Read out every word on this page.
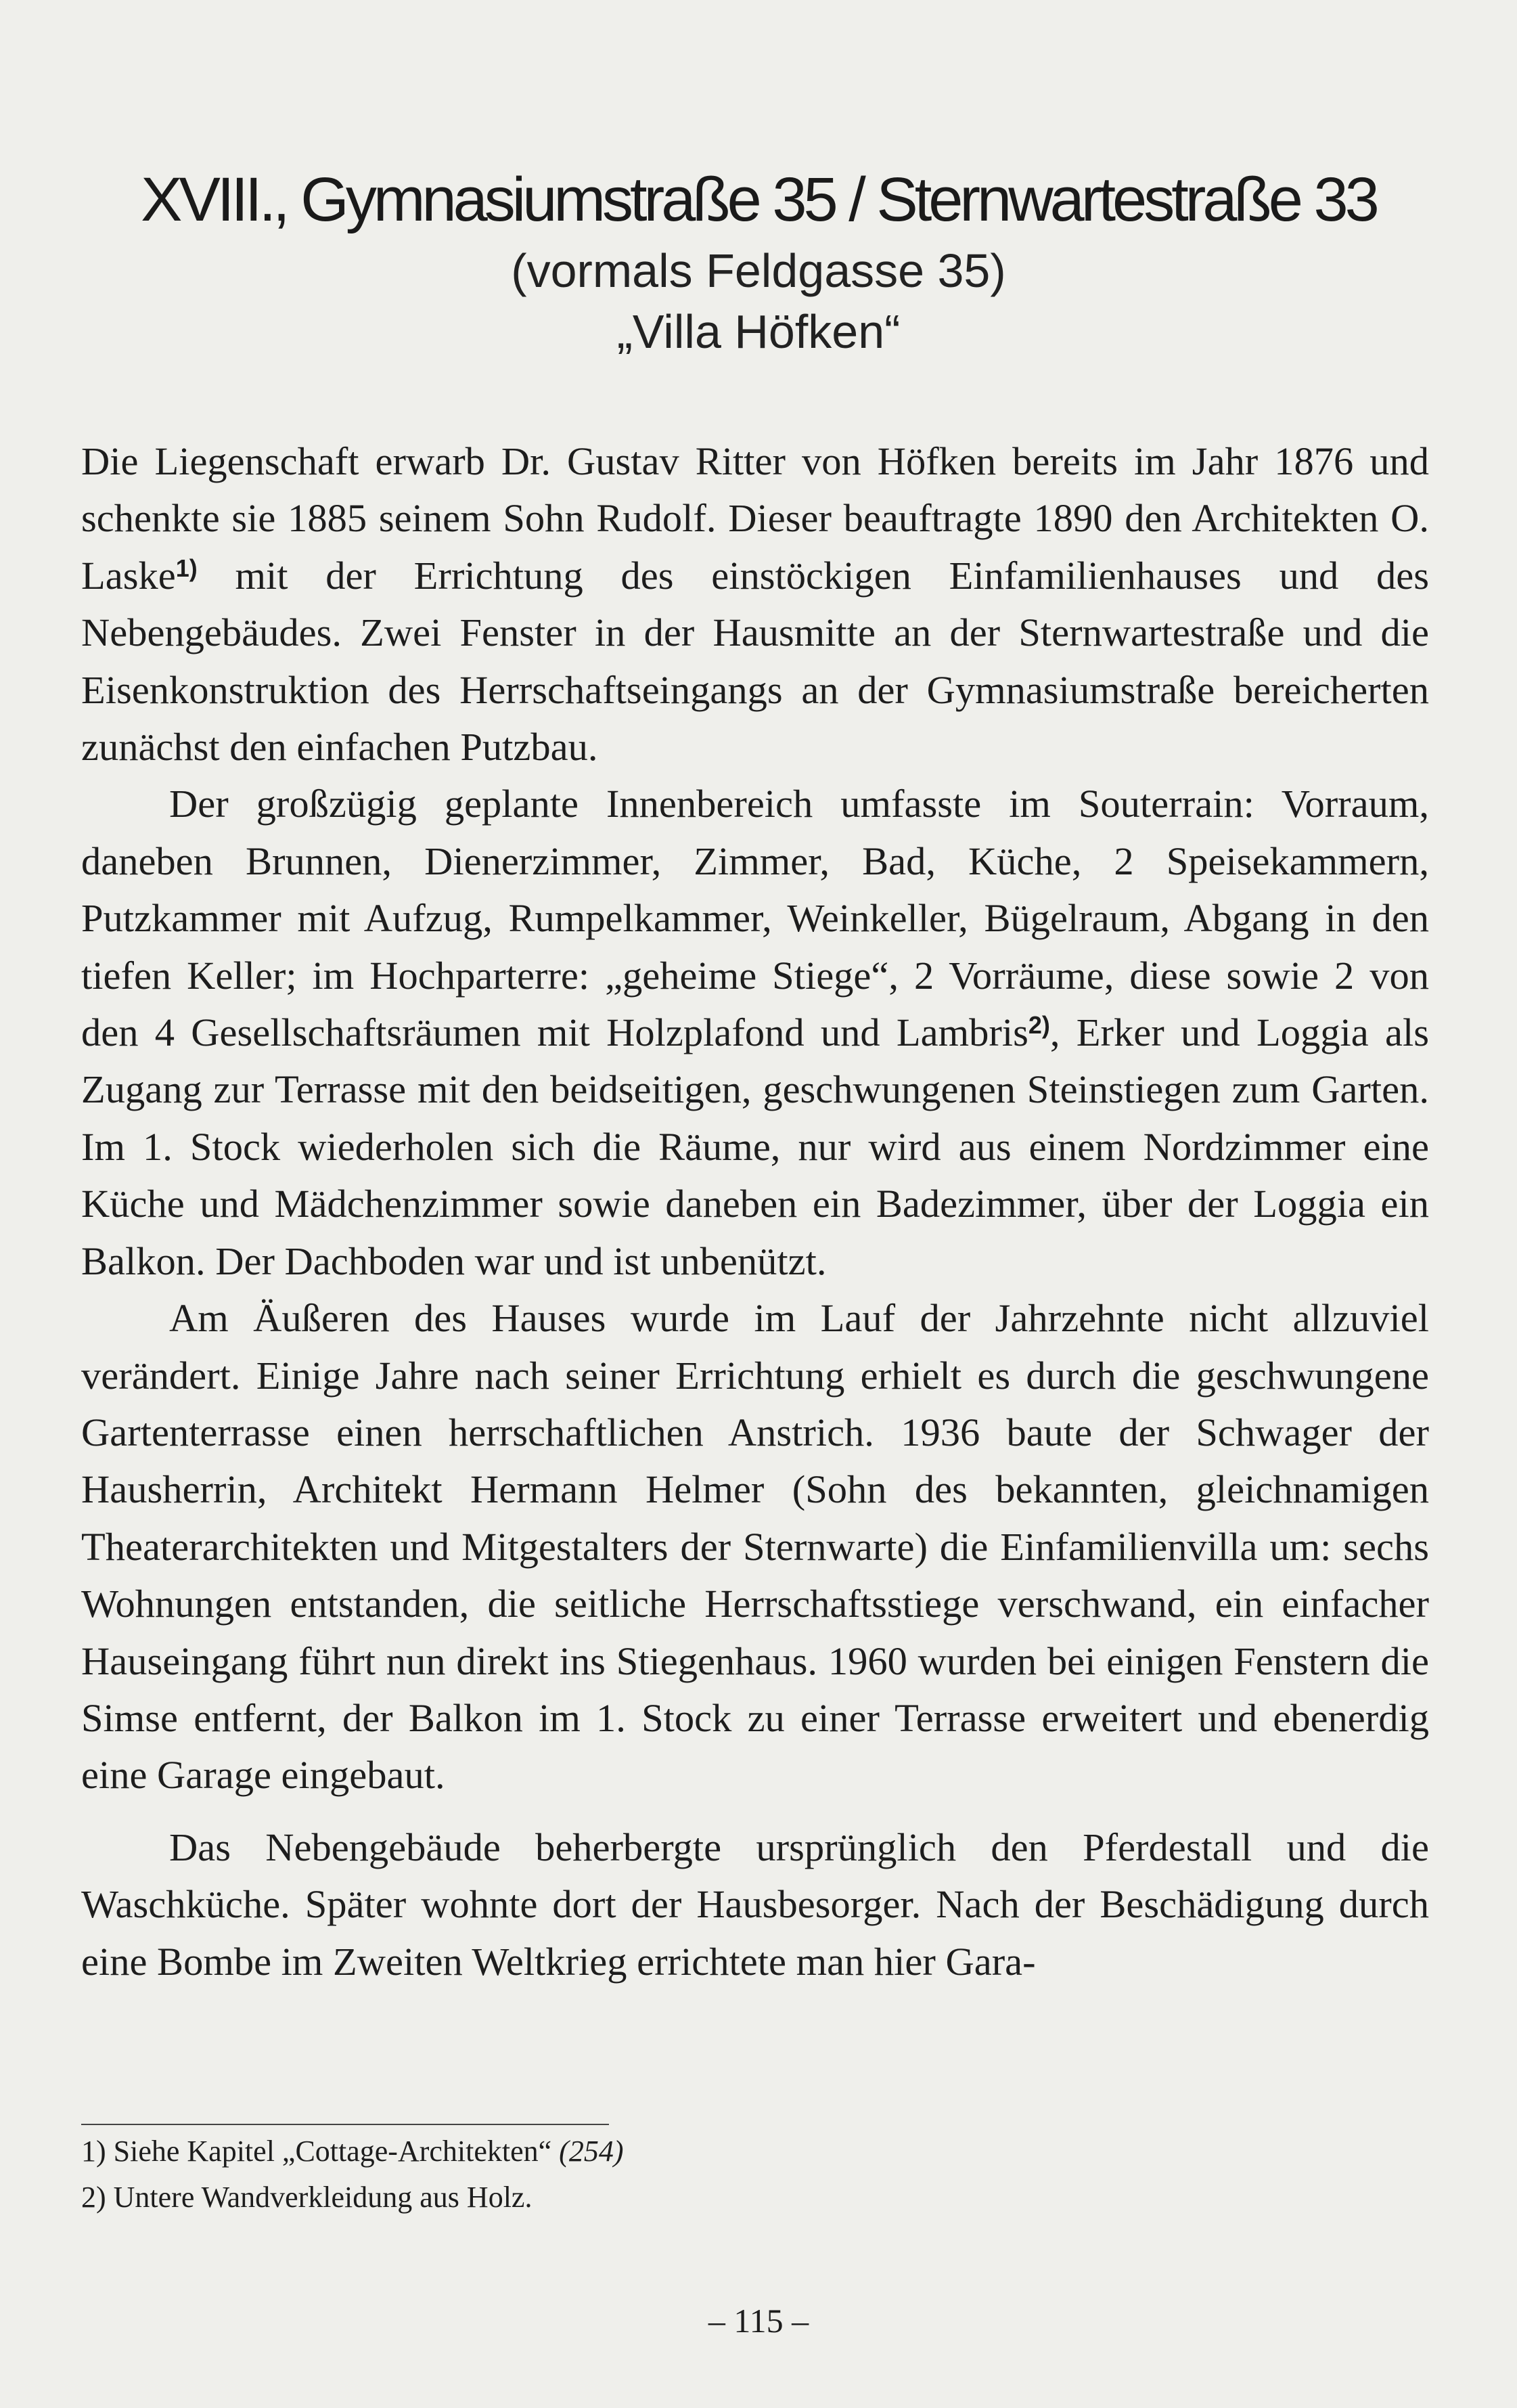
XVIII., Gymnasiumstraße 35 / Sternwartestraße 33
(vormals Feldgasse 35)
„Villa Höfken“

Die Liegenschaft erwarb Dr. Gustav Ritter von Höfken bereits im Jahr 1876 und schenkte sie 1885 seinem Sohn Rudolf. Dieser beauftragte 1890 den Architekten O. Laske$^{1)}$ mit der Errichtung des einstöckigen Einfamilienhauses und des Nebengebäudes. Zwei Fenster in der Hausmitte an der Sternwartestraße und die Eisenkonstruktion des Herrschaftseingangs an der Gymnasiumstraße bereicherten zunächst den einfachen Putzbau.

Der großzügig geplante Innenbereich umfasste im Souterrain: Vorraum, daneben Brunnen, Dienerzimmer, Zimmer, Bad, Küche, 2 Speisekammern, Putzkammer mit Aufzug, Rumpelkammer, Weinkeller, Bügelraum, Abgang in den tiefen Keller; im Hochparterre: „geheime Stiege“, 2 Vorräume, diese sowie 2 von den 4 Gesellschaftsräumen mit Holzplafond und Lambris$^{2)}$, Erker und Loggia als Zugang zur Terrasse mit den beidseitigen, geschwungenen Steinstiegen zum Garten. Im 1. Stock wiederholen sich die Räume, nur wird aus einem Nordzimmer eine Küche und Mädchenzimmer sowie daneben ein Badezimmer, über der Loggia ein Balkon. Der Dachboden war und ist unbenützt.

Am Äußeren des Hauses wurde im Lauf der Jahrzehnte nicht allzuviel verändert. Einige Jahre nach seiner Errichtung erhielt es durch die geschwungene Gartenterrasse einen herrschaftlichen Anstrich. 1936 baute der Schwager der Hausherrin, Architekt Hermann Helmer (Sohn des bekannten, gleichnamigen Theaterarchitekten und Mitgestalters der Sternwarte) die Einfamilienvilla um: sechs Wohnungen entstanden, die seitliche Herrschaftsstiege verschwand, ein einfacher Hauseingang führt nun direkt ins Stiegenhaus. 1960 wurden bei einigen Fenstern die Simse entfernt, der Balkon im 1. Stock zu einer Terrasse erweitert und ebenerdig eine Garage eingebaut.

Das Nebengebäude beherbergte ursprünglich den Pferdestall und die Waschküche. Später wohnte dort der Hausbesorger. Nach der Beschädigung durch eine Bombe im Zweiten Weltkrieg errichtete man hier Gara-

1) Siehe Kapitel „Cottage-Architekten“ (254)
2) Untere Wandverkleidung aus Holz.
– 115 –
